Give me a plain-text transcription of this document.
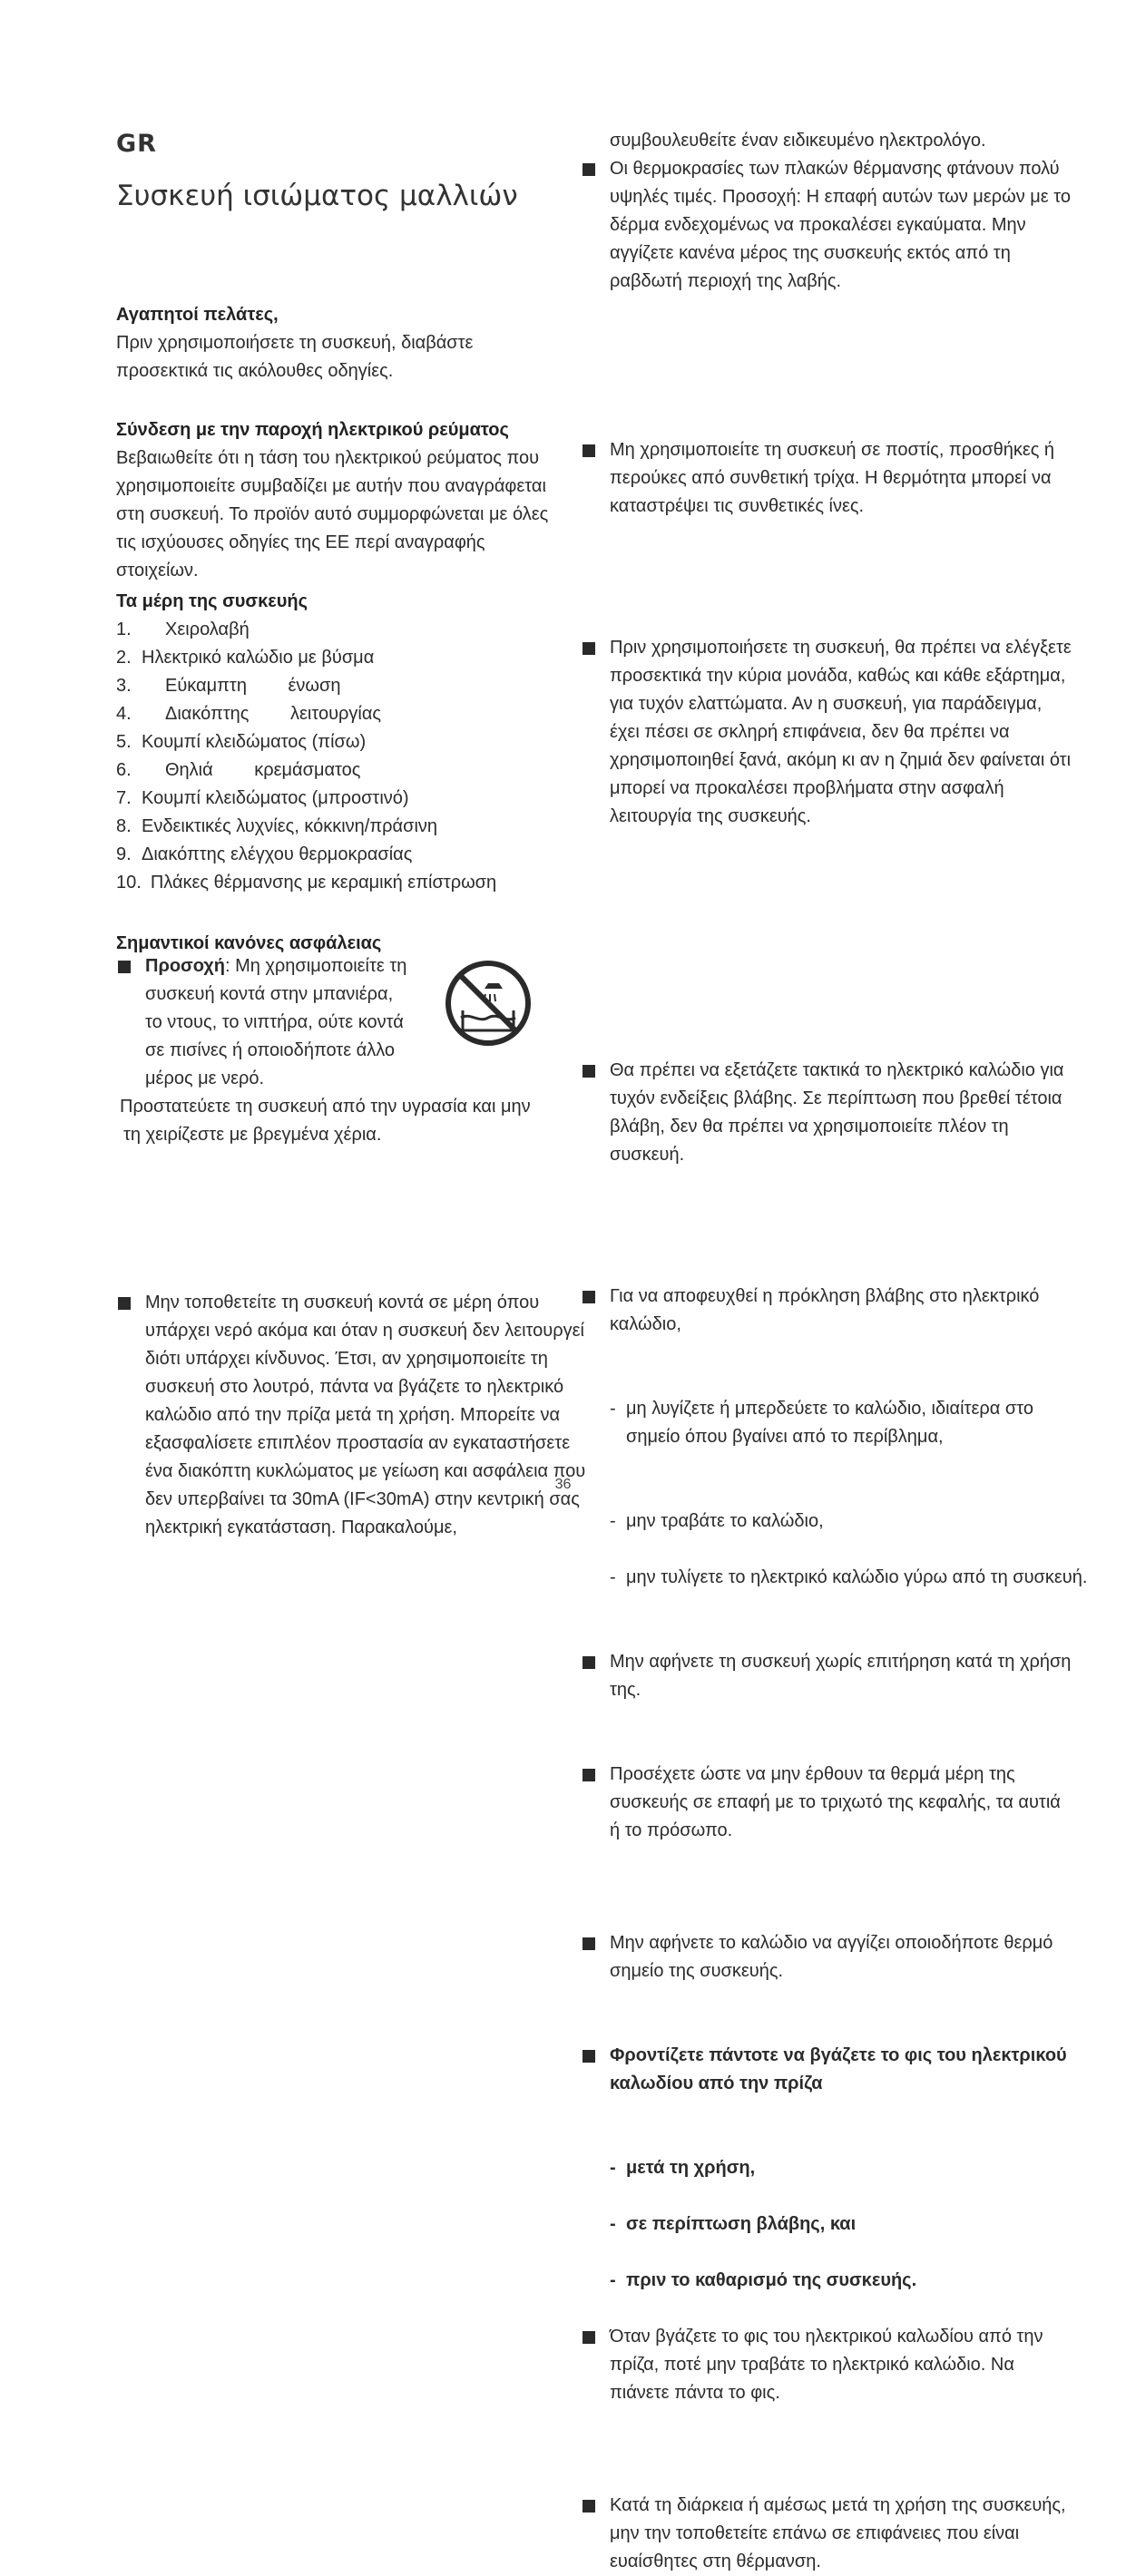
GR
Συσκευή ισιώματος μαλλιών
Αγαπητοί πελάτες,

Πριν χρησιμοποιήσετε τη συσκευή, διαβάστε προσεκτικά τις ακόλουθες οδηγίες.

Σύνδεση με την παροχή ηλεκτρικού ρεύματος

Βεβαιωθείτε ότι η τάση του ηλεκτρικού ρεύματος που χρησιμοποιείτε συμβαδίζει με αυτήν που αναγράφεται στη συσκευή. Το προϊόν αυτό συμμορφώνεται με όλες τις ισχύουσες οδηγίες της ΕΕ περί αναγραφής στοιχείων.

Τα μέρη της συσκευής
1.	Χειρολαβή
2. Ηλεκτρικό καλώδιο με βύσμα
3.	Εύκαμπτη ένωση
4.	Διακόπτης λειτουργίας
5. Κουμπί κλειδώματος (πίσω)
6.	Θηλιά κρεμάσματος
7. Κουμπί κλειδώματος (μπροστινό)
8. Ενδεικτικές λυχνίες, κόκκινη/πράσινη
9. Διακόπτης ελέγχου θερμοκρασίας
10. Πλάκες θέρμανσης με κεραμική επίστρωση
Σημαντικοί κανόνες ασφάλειας
Προσοχή: Μη χρησιμοποιείτε τη συσκευή κοντά στην μπανιέρα, το ντους, το νιπτήρα, ούτε κοντά σε πισίνες ή οποιοδήποτε άλλο μέρος με νερό.

Προστατεύετε τη συσκευή από την υγρασία και μην τη χειρίζεστε με βρεγμένα χέρια.

Μην τοποθετείτε τη συσκευή κοντά σε μέρη όπου υπάρχει νερό ακόμα και όταν η συσκευή δεν λειτουργεί διότι υπάρχει κίνδυνος. Έτσι, αν χρησιμοποιείτε τη συσκευή στο λουτρό, πάντα να βγάζετε το ηλεκτρικό καλώδιο από την πρίζα μετά τη χρήση. Μπορείτε να εξασφαλίσετε επιπλέον προστασία αν εγκαταστήσετε ένα διακόπτη κυκλώματος με γείωση και ασφάλεια που δεν υπερβαίνει τα 30mA (IF<30mA) στην κεντρική σας ηλεκτρική εγκατάσταση. Παρακαλούμε,

συμβουλευθείτε έναν ειδικευμένο ηλεκτρολόγο.

Οι θερμοκρασίες των πλακών θέρμανσης φτάνουν πολύ υψηλές τιμές. Προσοχή: Η επαφή αυτών των μερών με το δέρμα ενδεχομένως να προκαλέσει εγκαύματα. Μην αγγίζετε κανένα μέρος της συσκευής εκτός από τη ραβδωτή περιοχή της λαβής.
Μη χρησιμοποιείτε τη συσκευή σε ποστίς, προσθήκες ή περούκες από συνθετική τρίχα. Η θερμότητα μπορεί να καταστρέψει τις συνθετικές ίνες.
Πριν χρησιμοποιήσετε τη συσκευή, θα πρέπει να ελέγξετε προσεκτικά την κύρια μονάδα, καθώς και κάθε εξάρτημα, για τυχόν ελαττώματα. Αν η συσκευή, για παράδειγμα, έχει πέσει σε σκληρή επιφάνεια, δεν θα πρέπει να χρησιμοποιηθεί ξανά, ακόμη κι αν η ζημιά δεν φαίνεται ότι μπορεί να προκαλέσει προβλήματα στην ασφαλή λειτουργία της συσκευής.
Θα πρέπει να εξετάζετε τακτικά το ηλεκτρικό καλώδιο για τυχόν ενδείξεις βλάβης. Σε περίπτωση που βρεθεί τέτοια βλάβη, δεν θα πρέπει να χρησιμοποιείτε πλέον τη συσκευή.
Για να αποφευχθεί η πρόκληση βλάβης στο ηλεκτρικό καλώδιο,
- μη λυγίζετε ή μπερδεύετε το καλώδιο, ιδιαίτερα στο σημείο όπου βγαίνει από το περίβλημα,
- μην τραβάτε το καλώδιο,
- μην τυλίγετε το ηλεκτρικό καλώδιο γύρω από τη συσκευή.
Μην αφήνετε τη συσκευή χωρίς επιτήρηση κατά τη χρήση της.
Προσέχετε ώστε να μην έρθουν τα θερμά μέρη της συσκευής σε επαφή με το τριχωτό της κεφαλής, τα αυτιά ή το πρόσωπο.
Μην αφήνετε το καλώδιο να αγγίζει οποιοδήποτε θερμό σημείο της συσκευής.
Φροντίζετε πάντοτε να βγάζετε το φις του ηλεκτρικού καλωδίου από την πρίζα
- μετά τη χρήση,
- σε περίπτωση βλάβης, και
- πριν το καθαρισμό της συσκευής.
Όταν βγάζετε το φις του ηλεκτρικού καλωδίου από την πρίζα, ποτέ μην τραβάτε το ηλεκτρικό καλώδιο. Να πιάνετε πάντα το φις.
Κατά τη διάρκεια ή αμέσως μετά τη χρήση της συσκευής, μην την τοποθετείτε επάνω σε επιφάνειες που είναι ευαίσθητες στη θέρμανση.
36
